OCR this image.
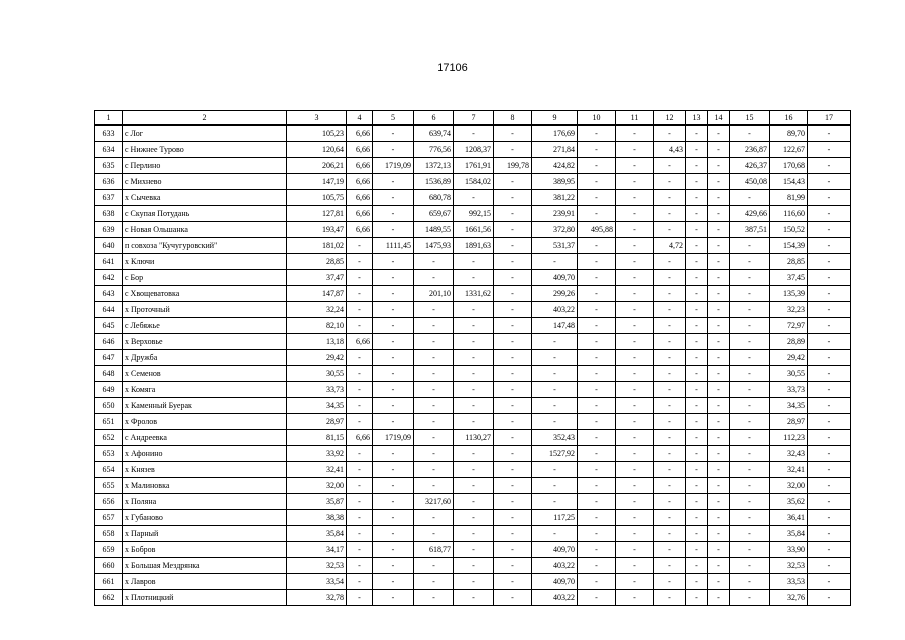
17106
1	2	3	4	5	6	7	8	9	10	11	12	13	14	15	16	17
633	с Лог	105,23	6,66	-	639,74	-	-	176,69	-	-	-	-	-	-	89,70	-
634	с Нижнее Турово	120,64	6,66	-	776,56	1208,37	-	271,84	-	-	4,43	-	-	236,87	122,67	-
635	с Перлино	206,21	6,66	1719,09	1372,13	1761,91	199,78	424,82	-	-	-	-	-	426,37	170,68	-
636	с Михнево	147,19	6,66	-	1536,89	1584,02	-	389,95	-	-	-	-	-	450,08	154,43	-
637	х Сычевка	105,75	6,66	-	680,78	-	-	381,22	-	-	-	-	-	-	81,99	-
638	с Скупая Потудань	127,81	6,66	-	659,67	992,15	-	239,91	-	-	-	-	-	429,66	116,60	-
639	с Новая Ольшанка	193,47	6,66	-	1489,55	1661,56	-	372,80	495,88	-	-	-	-	387,51	150,52	-
640	п совхоза "Кучугуровский"	181,02	-	1111,45	1475,93	1891,63	-	531,37	-	-	4,72	-	-	-	154,39	-
641	х Ключи	28,85	-	-	-	-	-	-	-	-	-	-	-	-	28,85	-
642	с Бор	37,47	-	-	-	-	-	409,70	-	-	-	-	-	-	37,45	-
643	с Хвощеватовка	147,87	-	-	201,10	1331,62	-	299,26	-	-	-	-	-	-	135,39	-
644	х Проточный	32,24	-	-	-	-	-	403,22	-	-	-	-	-	-	32,23	-
645	с Лебяжье	82,10	-	-	-	-	-	147,48	-	-	-	-	-	-	72,97	-
646	х Верховье	13,18	6,66	-	-	-	-	-	-	-	-	-	-	-	28,89	-
647	х Дружба	29,42	-	-	-	-	-	-	-	-	-	-	-	-	29,42	-
648	х Семенов	30,55	-	-	-	-	-	-	-	-	-	-	-	-	30,55	-
649	х Комяга	33,73	-	-	-	-	-	-	-	-	-	-	-	-	33,73	-
650	х Каменный Буерак	34,35	-	-	-	-	-	-	-	-	-	-	-	-	34,35	-
651	х Фролов	28,97	-	-	-	-	-	-	-	-	-	-	-	-	28,97	-
652	с Андреевка	81,15	6,66	1719,09	-	1130,27	-	352,43	-	-	-	-	-	-	112,23	-
653	х Афонино	33,92	-	-	-	-	-	1527,92	-	-	-	-	-	-	32,43	-
654	х Князев	32,41	-	-	-	-	-	-	-	-	-	-	-	-	32,41	-
655	х Малиновка	32,00	-	-	-	-	-	-	-	-	-	-	-	-	32,00	-
656	х Поляна	35,87	-	-	3217,60	-	-	-	-	-	-	-	-	-	35,62	-
657	х Губаново	38,38	-	-	-	-	-	117,25	-	-	-	-	-	-	36,41	-
658	х Парный	35,84	-	-	-	-	-	-	-	-	-	-	-	-	35,84	-
659	х Бобров	34,17	-	-	618,77	-	-	409,70	-	-	-	-	-	-	33,90	-
660	х Большая Мездрянка	32,53	-	-	-	-	-	403,22	-	-	-	-	-	-	32,53	-
661	х Лавров	33,54	-	-	-	-	-	409,70	-	-	-	-	-	-	33,53	-
662	х Плотницкий	32,78	-	-	-	-	-	403,22	-	-	-	-	-	-	32,76	-
